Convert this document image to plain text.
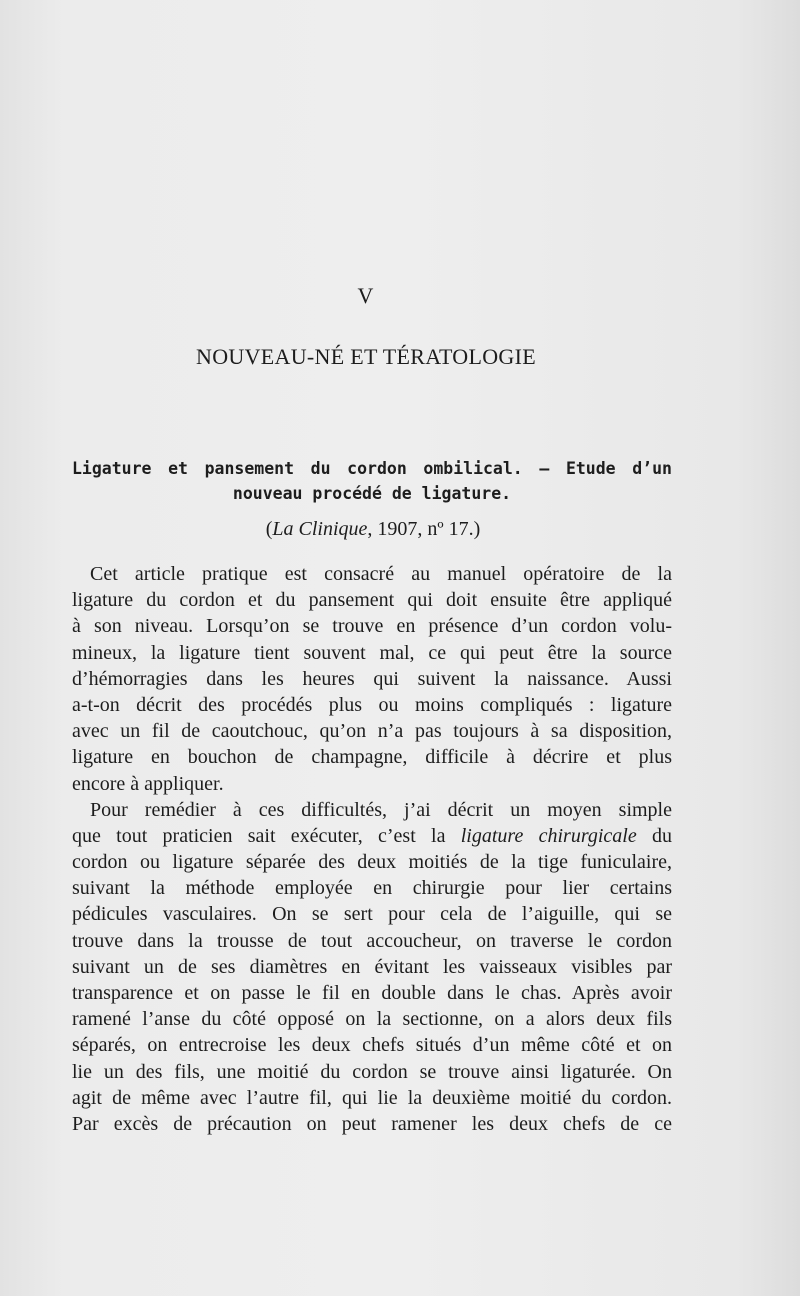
V
NOUVEAU-NÉ ET TÉRATOLOGIE
Ligature et pansement du cordon ombilical. — Etude d’un
nouveau procédé de ligature.
(La Clinique, 1907, nº 17.)
Cet article pratique est consacré au manuel opératoire de la
ligature du cordon et du pansement qui doit ensuite être appliqué
à son niveau. Lorsqu’on se trouve en présence d’un cordon volu-
mineux, la ligature tient souvent mal, ce qui peut être la source
d’hémorragies dans les heures qui suivent la naissance. Aussi
a-t-on décrit des procédés plus ou moins compliqués : ligature
avec un fil de caoutchouc, qu’on n’a pas toujours à sa disposition,
ligature en bouchon de champagne, difficile à décrire et plus
encore à appliquer.
Pour remédier à ces difficultés, j’ai décrit un moyen simple
que tout praticien sait exécuter, c’est la ligature chirurgicale du
cordon ou ligature séparée des deux moitiés de la tige funiculaire,
suivant la méthode employée en chirurgie pour lier certains
pédicules vasculaires. On se sert pour cela de l’aiguille, qui se
trouve dans la trousse de tout accoucheur, on traverse le cordon
suivant un de ses diamètres en évitant les vaisseaux visibles par
transparence et on passe le fil en double dans le chas. Après avoir
ramené l’anse du côté opposé on la sectionne, on a alors deux fils
séparés, on entrecroise les deux chefs situés d’un même côté et on
lie un des fils, une moitié du cordon se trouve ainsi ligaturée. On
agit de même avec l’autre fil, qui lie la deuxième moitié du cordon.
Par excès de précaution on peut ramener les deux chefs de ce
